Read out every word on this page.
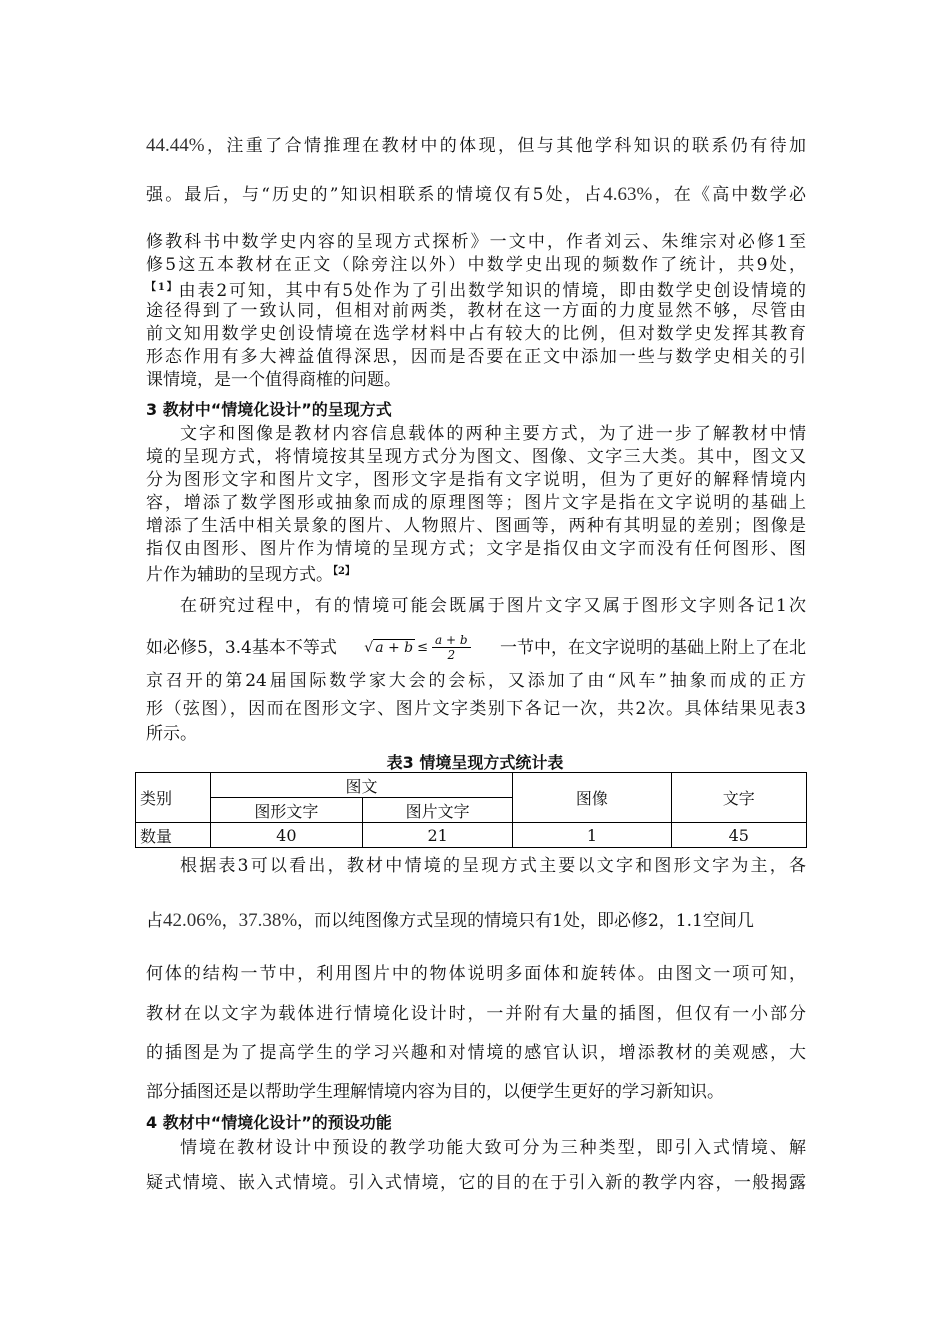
44.44%，注重了合情推理在教材中的体现，但与其他学科知识的联系仍有待加
强。最后，与“历史的”知识相联系的情境仅有5处，占4.63%，在《高中数学必
修教科书中数学史内容的呈现方式探析》一文中，作者刘云、朱维宗对必修1至
修5这五本教材在正文（除旁注以外）中数学史出现的频数作了统计，共9处，
$^{【1】}$由表2可知，其中有5处作为了引出数学知识的情境，即由数学史创设情境的
途径得到了一致认同，但相对前两类，教材在这一方面的力度显然不够，尽管由
前文知用数学史创设情境在选学材料中占有较大的比例，但对数学史发挥其教育
形态作用有多大裨益值得深思，因而是否要在正文中添加一些与数学史相关的引
课情境，是一个值得商榷的问题。
3 教材中“情境化设计”的呈现方式
文字和图像是教材内容信息载体的两种主要方式，为了进一步了解教材中情
境的呈现方式，将情境按其呈现方式分为图文、图像、文字三大类。其中，图文又
分为图形文字和图片文字，图形文字是指有文字说明，但为了更好的解释情境内
容，增添了数学图形或抽象而成的原理图等；图片文字是指在文字说明的基础上
增添了生活中相关景象的图片、人物照片、图画等，两种有其明显的差别；图像是
指仅由图形、图片作为情境的呈现方式；文字是指仅由文字而没有任何图形、图
片作为辅助的呈现方式。$^{【2】}$
在研究过程中，有的情境可能会既属于图片文字又属于图形文字则各记1次
如必修5，3.4基本不等式 √ $a + b \le \frac{a + b}{2}$ 一节中，在文字说明的基础上附上了在北
京召开的第24届国际数学家大会的会标，又添加了由“风车”抽象而成的正方
形（弦图），因而在图形文字、图片文字类别下各记一次，共2次。具体结果见表3
所示。
表3 情境呈现方式统计表
类别	图文		图像	文字
	图形文字	图片文字		
数量	40	21	1	45
根据表3可以看出，教材中情境的呈现方式主要以文字和图形文字为主，各
占42.06%，37.38%，而以纯图像方式呈现的情境只有1处，即必修2，1.1空间几
何体的结构一节中，利用图片中的物体说明多面体和旋转体。由图文一项可知，
教材在以文字为载体进行情境化设计时，一并附有大量的插图，但仅有一小部分
的插图是为了提高学生的学习兴趣和对情境的感官认识，增添教材的美观感，大
部分插图还是以帮助学生理解情境内容为目的，以便学生更好的学习新知识。
4 教材中“情境化设计”的预设功能
情境在教材设计中预设的教学功能大致可分为三种类型，即引入式情境、解
疑式情境、嵌入式情境。引入式情境，它的目的在于引入新的教学内容，一般揭露
